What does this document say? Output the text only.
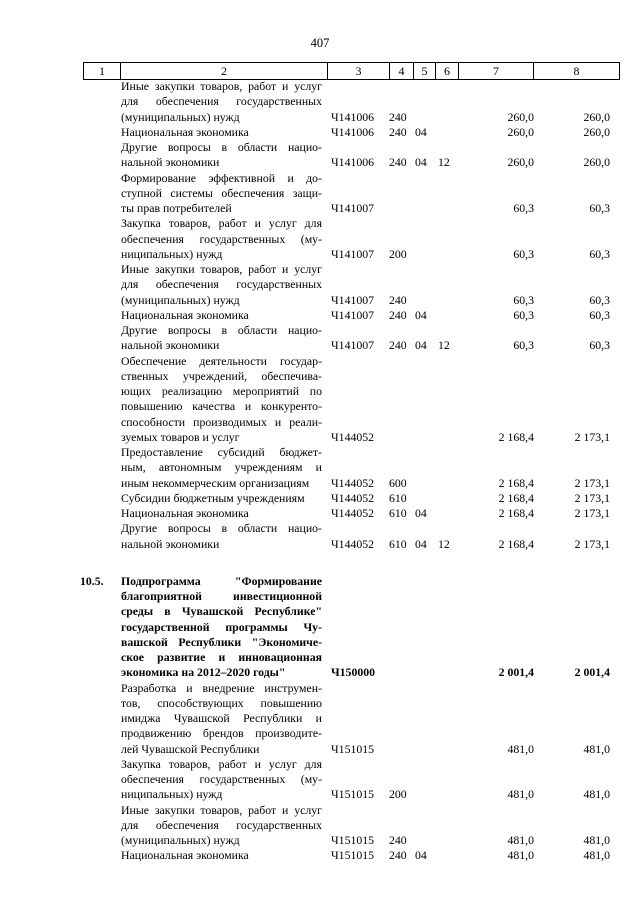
407
1	2	3	4	5	6	7	8
Иные закупки товаров, работ и услуг
для обеспечения государственных
(муниципальных) нужд	Ч141006 240	260,0	260,0
Национальная экономика	Ч141006 240 04	260,0	260,0
Другие вопросы в области нацио-
нальной экономики	Ч141006 240 04 12	260,0	260,0
Формирование эффективной и до-
ступной системы обеспечения защи-
ты прав потребителей	Ч141007	60,3	60,3
Закупка товаров, работ и услуг для
обеспечения государственных (му-
ниципальных) нужд	Ч141007 200	60,3	60,3
Иные закупки товаров, работ и услуг
для обеспечения государственных
(муниципальных) нужд	Ч141007 240	60,3	60,3
Национальная экономика	Ч141007 240 04	60,3	60,3
Другие вопросы в области нацио-
нальной экономики	Ч141007 240 04 12	60,3	60,3
Обеспечение деятельности государ-
ственных учреждений, обеспечива-
ющих реализацию мероприятий по
повышению качества и конкуренто-
способности производимых и реали-
зуемых товаров и услуг	Ч144052	2 168,4	2 173,1
Предоставление субсидий бюджет-
ным, автономным учреждениям и
иным некоммерческим организациям	Ч144052 600	2 168,4	2 173,1
Субсидии бюджетным учреждениям	Ч144052 610	2 168,4	2 173,1
Национальная экономика	Ч144052 610 04	2 168,4	2 173,1
Другие вопросы в области нацио-
нальной экономики	Ч144052 610 04 12	2 168,4	2 173,1
10.5.	Подпрограмма "Формирование
благоприятной инвестиционной
среды в Чувашской Республике"
государственной программы Чу-
вашской Республики "Экономиче-
ское развитие и инновационная
экономика на 2012–2020 годы"	Ч150000	2 001,4	2 001,4
Разработка и внедрение инструмен-
тов, способствующих повышению
имиджа Чувашской Республики и
продвижению брендов производите-
лей Чувашской Республики	Ч151015	481,0	481,0
Закупка товаров, работ и услуг для
обеспечения государственных (му-
ниципальных) нужд	Ч151015 200	481,0	481,0
Иные закупки товаров, работ и услуг
для обеспечения государственных
(муниципальных) нужд	Ч151015 240	481,0	481,0
Национальная экономика	Ч151015 240 04	481,0	481,0
